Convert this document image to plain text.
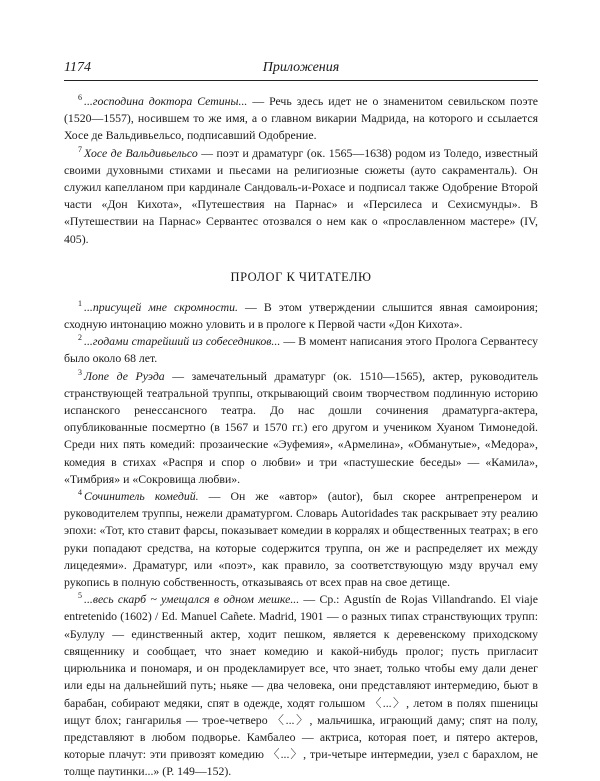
1174	Приложения

$^6$ ...господина доктора Сетины... — Речь здесь идет не о знаменитом севильском поэте (1520—1557), носившем то же имя, а о главном викарии Мадрида, на которого и ссылается Хосе де Вальдивьельсо, подписавший Одобрение.

$^7$ Хосе де Вальдивьельсо — поэт и драматург (ок. 1565—1638) родом из Толедо, известный своими духовными стихами и пьесами на религиозные сюжеты (ауто сакраменталь). Он служил капелланом при кардинале Сандоваль-и-Рохасе и подписал также Одобрение Второй части «Дон Кихота», «Путешествия на Парнас» и «Персилеса и Сехисмунды». В «Путешествии на Парнас» Сервантес отозвался о нем как о «прославленном мастере» (IV, 405).

ПРОЛОГ К ЧИТАТЕЛЮ

$^1$ ...присущей мне скромности. — В этом утверждении слышится явная самоирония; сходную интонацию можно уловить и в прологе к Первой части «Дон Кихота».

$^2$ ...годами старейший из собеседников... — В момент написания этого Пролога Сервантесу было около 68 лет.

$^3$ Лопе де Руэда — замечательный драматург (ок. 1510—1565), актер, руководитель странствующей театральной труппы, открывающий своим творчеством подлинную историю испанского ренессансного театра. До нас дошли сочинения драматурга-актера, опубликованные посмертно (в 1567 и 1570 гг.) его другом и учеником Хуаном Тимонедой. Среди них пять комедий: прозаические «Эуфемия», «Армелина», «Обманутые», «Медора», комедия в стихах «Распря и спор о любви» и три «пастушеские беседы» — «Камила», «Тимбрия» и «Сокровища любви».

$^4$ Сочинитель комедий. — Он же «автор» (autor), был скорее антрепренером и руководителем труппы, нежели драматургом. Словарь Autoridades так раскрывает эту реалию эпохи: «Тот, кто ставит фарсы, показывает комедии в корралях и общественных театрах; в его руки попадают средства, на которые содержится труппа, он же и распределяет их между лицедеями». Драматург, или «поэт», как правило, за соответствующую мзду вручал ему рукопись в полную собственность, отказываясь от всех прав на свое детище.

$^5$ ...весь скарб ~ умещался в одном мешке... — Ср.: Agustín de Rojas Villandrando. El viaje entretenido (1602) / Ed. Manuel Cañete. Madrid, 1901 — о разных типах странствующих трупп: «Булулу — единственный актер, ходит пешком, является к деревенскому приходскому священнику и сообщает, что знает комедию и какой-нибудь пролог; пусть пригласит цирюльника и пономаря, и он продекламирует все, что знает, только чтобы ему дали денег или еды на дальнейший путь; ньяке — два человека, они представляют интермедию, бьют в барабан, собирают медяки, спят в одежде, ходят голышом 〈...〉, летом в полях пшеницы ищут блох; гангарилья — трое-четверо 〈...〉, мальчишка, играющий даму; спят на полу, представляют в любом подворье. Камбалео — актриса, которая поет, и пятеро актеров, которые плачут: эти привозят комедию 〈...〉, три-четыре интермедии, узел с барахлом, не толще паутинки...» (Р. 149—152).
